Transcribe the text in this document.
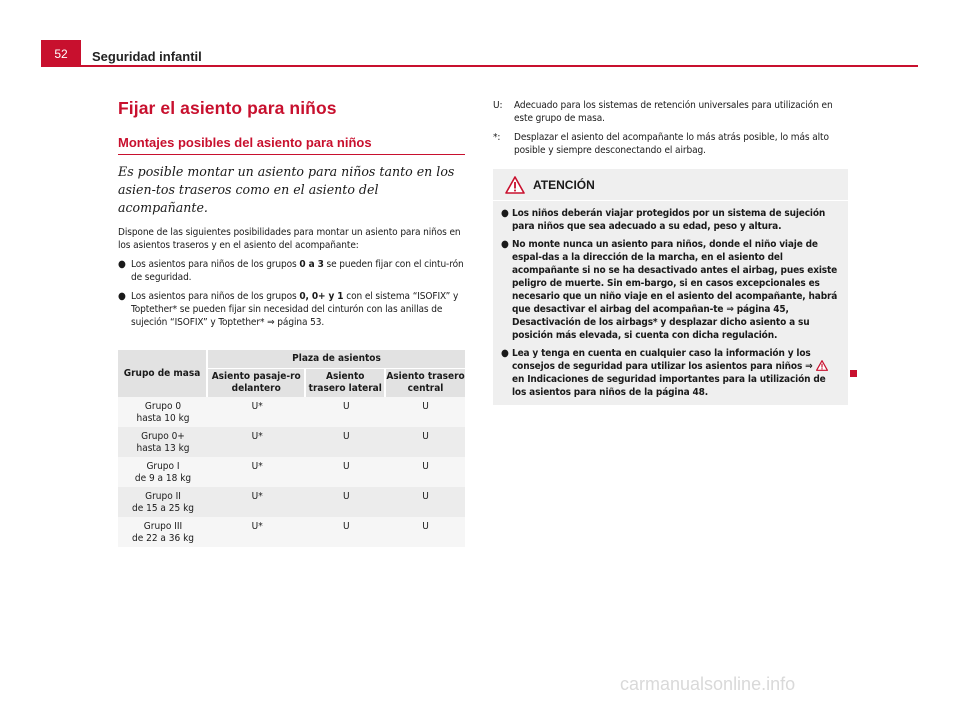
52	Seguridad infantil
Fijar el asiento para niños
Montajes posibles del asiento para niños
Es posible montar un asiento para niños tanto en los asien-tos traseros como en el asiento del acompañante.
Dispone de las siguientes posibilidades para montar un asiento para niños en los asientos traseros y en el asiento del acompañante:
● Los asientos para niños de los grupos 0 a 3 se pueden fijar con el cintu-rón de seguridad.
● Los asientos para niños de los grupos 0, 0+ y 1 con el sistema “ISOFIX” y Toptether* se pueden fijar sin necesidad del cinturón con las anillas de sujeción “ISOFIX” y Toptether* ⇒ página 53.
Grupo de masa	Plaza de asientos		
	Asiento pasaje-ro delantero	Asiento trasero lateral	Asiento trasero central
Grupo 0
hasta 10 kg	U*	U	U
Grupo 0+
hasta 13 kg	U*	U	U
Grupo I
de 9 a 18 kg	U*	U	U
Grupo II
de 15 a 25 kg	U*	U	U
Grupo III
de 22 a 36 kg	U*	U	U
U:	Adecuado para los sistemas de retención universales para utilización en este grupo de masa.
*:	Desplazar el asiento del acompañante lo más atrás posible, lo más alto posible y siempre desconectando el airbag.
ATENCIÓN
● Los niños deberán viajar protegidos por un sistema de sujeción para niños que sea adecuado a su edad, peso y altura.
● No monte nunca un asiento para niños, donde el niño viaje de espal-das a la dirección de la marcha, en el asiento del acompañante si no se ha desactivado antes el airbag, pues existe peligro de muerte. Sin em-bargo, si en casos excepcionales es necesario que un niño viaje en el asiento del acompañante, habrá que desactivar el airbag del acompañan-te ⇒ página 45, Desactivación de los airbags* y desplazar dicho asiento a su posición más elevada, si cuenta con dicha regulación.
● Lea y tenga en cuenta en cualquier caso la información y los consejos de seguridad para utilizar los asientos para niños ⇒  en Indicaciones de seguridad importantes para la utilización de los asientos para niños de la página 48.
carmanualsonline.info
